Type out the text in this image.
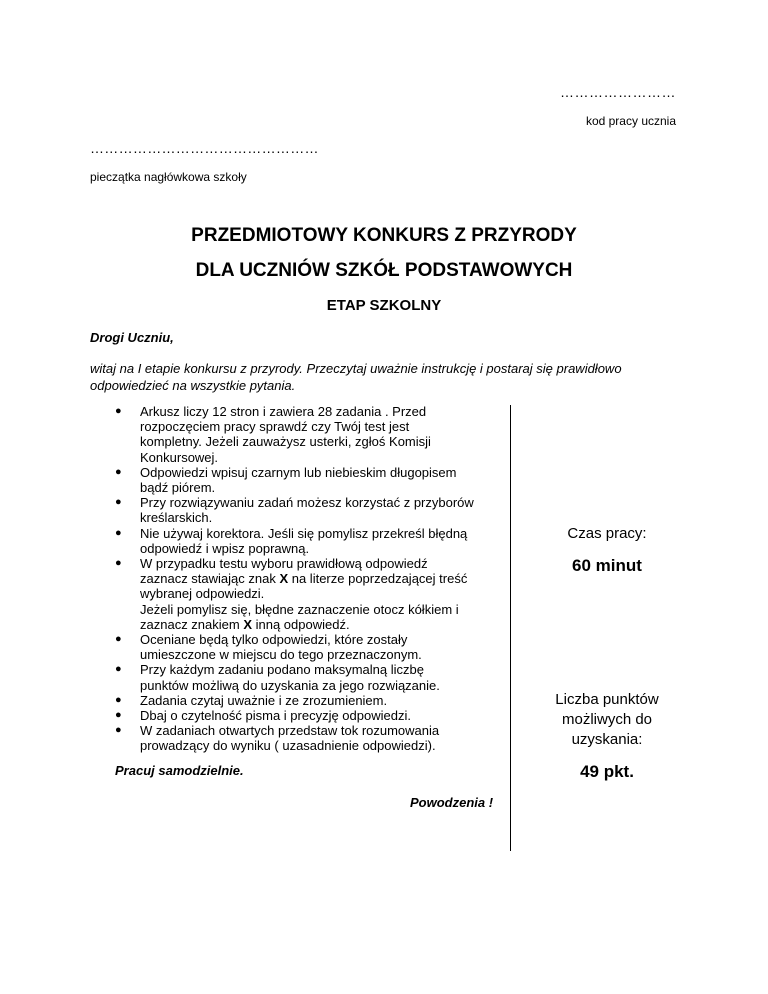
……………………
kod pracy ucznia
…………………………………………
pieczątka nagłówkowa szkoły
PRZEDMIOTOWY KONKURS Z PRZYRODY
DLA UCZNIÓW SZKÓŁ PODSTAWOWYCH
ETAP SZKOLNY
Drogi Uczniu,
witaj na I etapie konkursu z przyrody. Przeczytaj uważnie instrukcję i postaraj się prawidłowo
odpowiedzieć na wszystkie pytania.
● Arkusz liczy 12 stron i zawiera 28 zadania . Przed
rozpoczęciem pracy sprawdź czy Twój test jest
kompletny. Jeżeli zauważysz usterki, zgłoś Komisji
Konkursowej.
● Odpowiedzi wpisuj czarnym lub niebieskim długopisem
bądź piórem.
● Przy rozwiązywaniu zadań możesz korzystać z przyborów
kreślarskich.
● Nie używaj korektora. Jeśli się pomylisz przekreśl błędną
odpowiedź i wpisz poprawną.
● W przypadku testu wyboru prawidłową odpowiedź
zaznacz stawiając znak X na literze poprzedzającej treść
wybranej odpowiedzi.
Jeżeli pomylisz się, błędne zaznaczenie otocz kółkiem i
zaznacz znakiem X inną odpowiedź.
● Oceniane będą tylko odpowiedzi, które zostały
umieszczone w miejscu do tego przeznaczonym.
● Przy każdym zadaniu podano maksymalną liczbę
punktów możliwą do uzyskania za jego rozwiązanie.
● Zadania czytaj uważnie i ze zrozumieniem.
● Dbaj o czytelność pisma i precyzję odpowiedzi.
● W zadaniach otwartych przedstaw tok rozumowania
prowadzący do wyniku ( uzasadnienie odpowiedzi).
Pracuj samodzielnie.
Powodzenia !
Czas pracy:
60 minut
Liczba punktów
możliwych do
uzyskania:
49 pkt.
